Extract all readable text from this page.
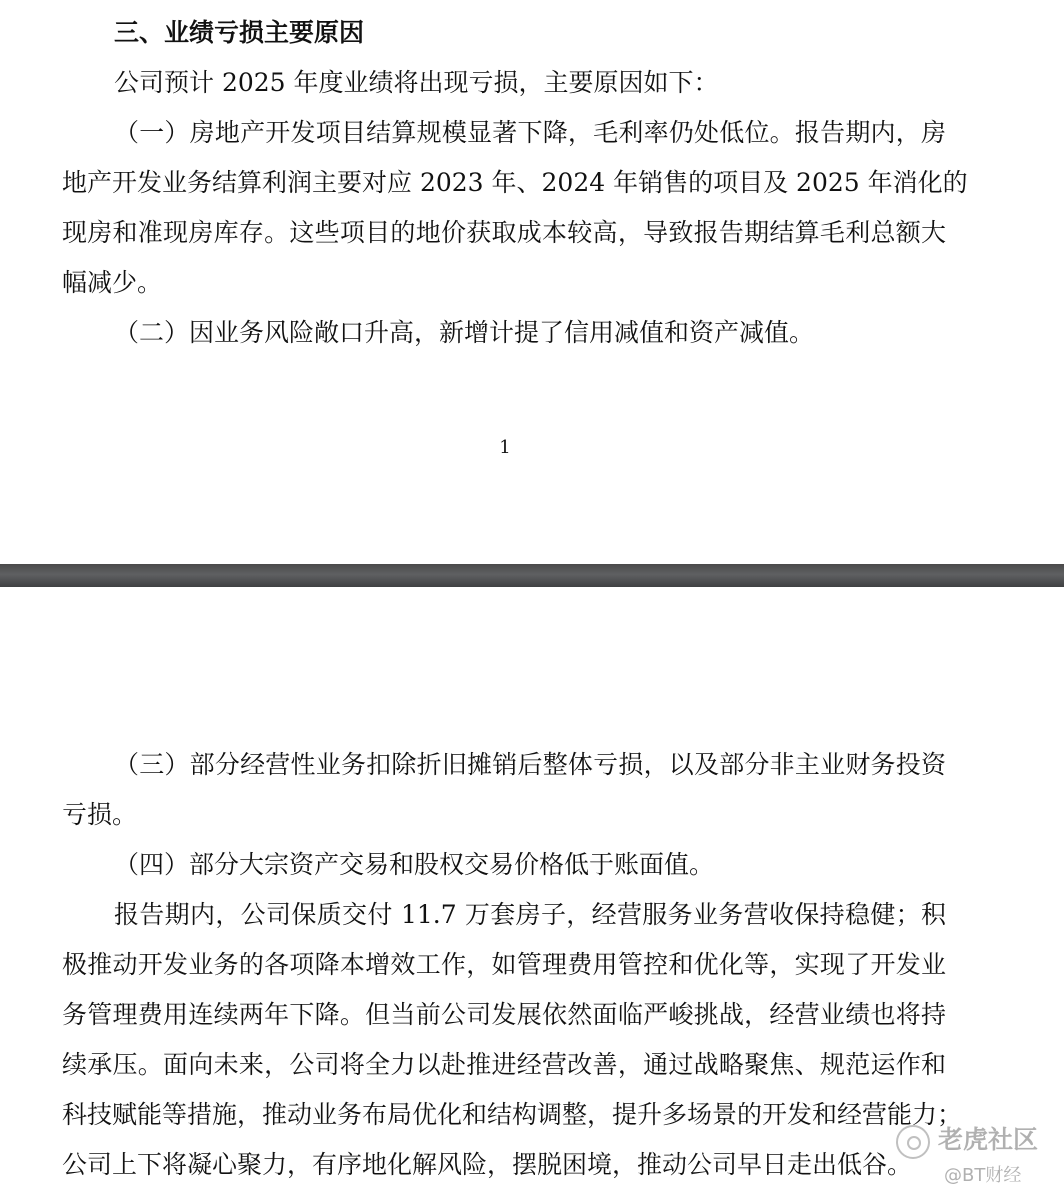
三、业绩亏损主要原因
公司预计 2025 年度业绩将出现亏损，主要原因如下：
（一）房地产开发项目结算规模显著下降，毛利率仍处低位。报告期内，房
地产开发业务结算利润主要对应 2023 年、2024 年销售的项目及 2025 年消化的
现房和准现房库存。这些项目的地价获取成本较高，导致报告期结算毛利总额大
幅减少。
（二）因业务风险敞口升高，新增计提了信用减值和资产减值。
1
（三）部分经营性业务扣除折旧摊销后整体亏损，以及部分非主业财务投资
亏损。
（四）部分大宗资产交易和股权交易价格低于账面值。
报告期内，公司保质交付 11.7 万套房子，经营服务业务营收保持稳健；积
极推动开发业务的各项降本增效工作，如管理费用管控和优化等，实现了开发业
务管理费用连续两年下降。但当前公司发展依然面临严峻挑战，经营业绩也将持
续承压。面向未来，公司将全力以赴推进经营改善，通过战略聚焦、规范运作和
科技赋能等措施，推动业务布局优化和结构调整，提升多场景的开发和经营能力；
公司上下将凝心聚力，有序地化解风险，摆脱困境，推动公司早日走出低谷。
老虎社区
@BT财经
